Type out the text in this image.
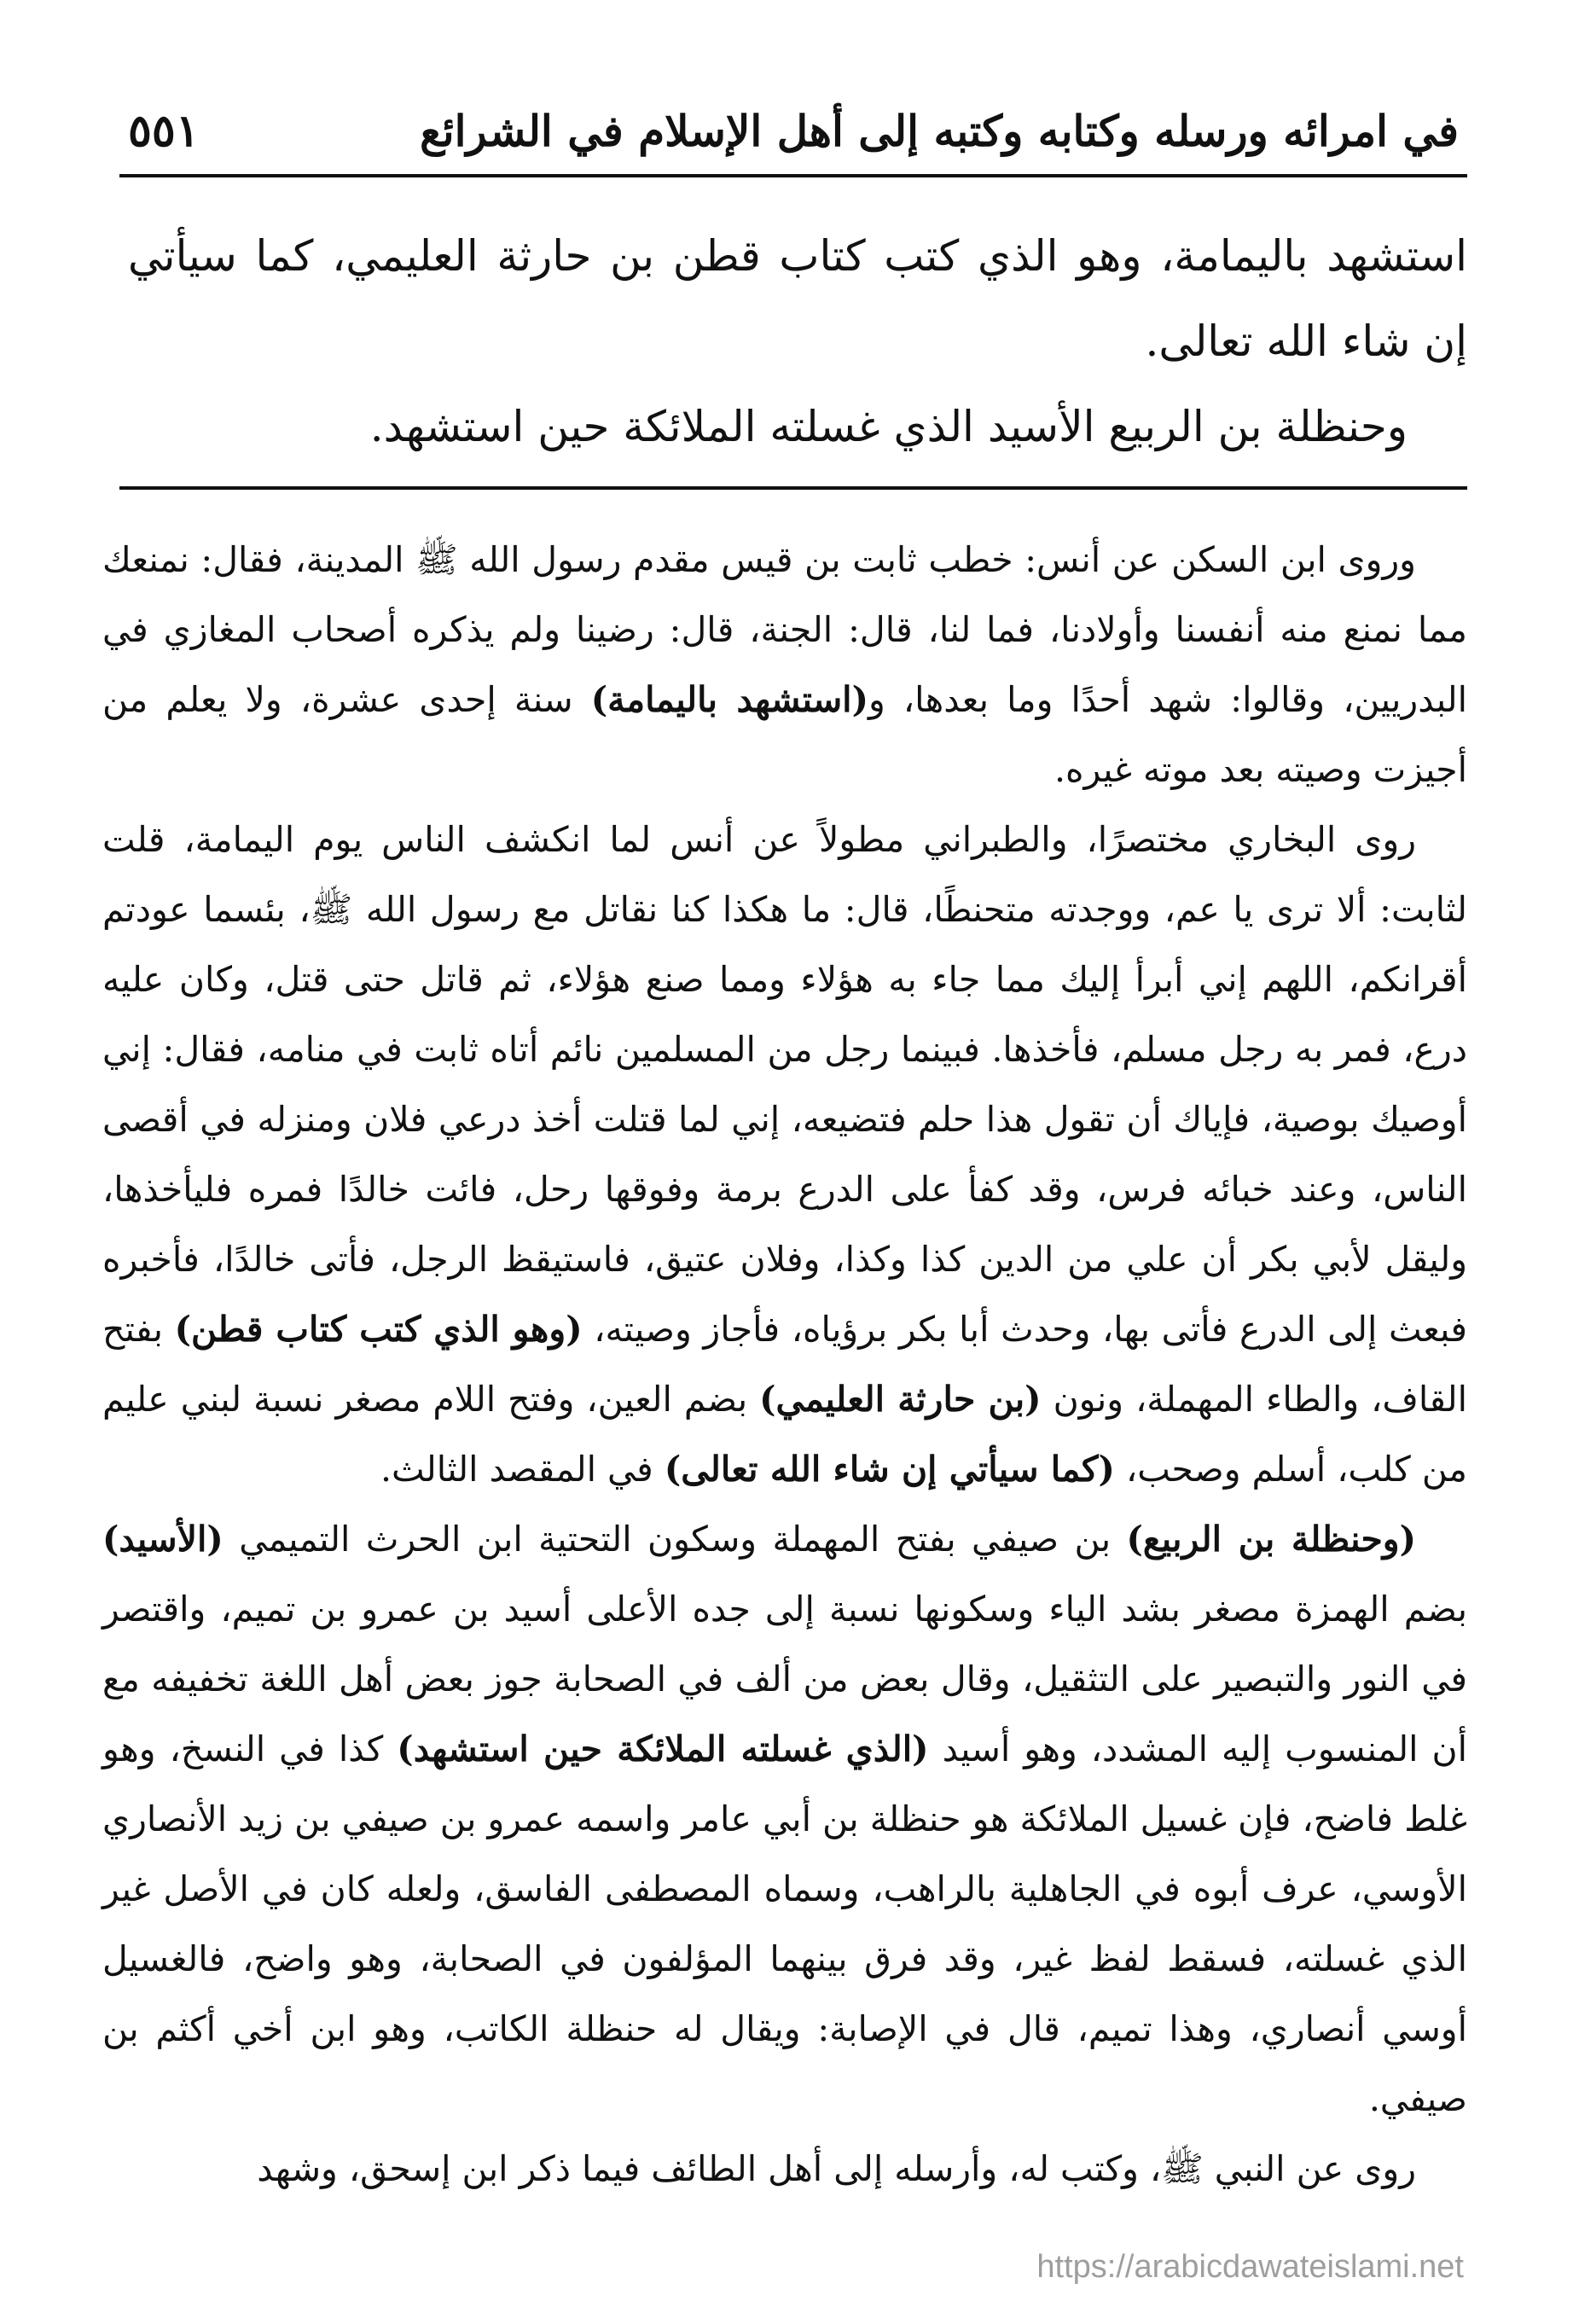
في امرائه ورسله وكتابه وكتبه إلى أهل الإسلام في الشرائع
٥٥١

استشهد باليمامة، وهو الذي كتب كتاب قطن بن حارثة العليمي، كما سيأتي إن شاء الله تعالى.

وحنظلة بن الربيع الأسيد الذي غسلته الملائكة حين استشهد.

وروى ابن السكن عن أنس: خطب ثابت بن قيس مقدم رسول الله ﷺ المدينة، فقال: نمنعك مما نمنع منه أنفسنا وأولادنا، فما لنا، قال: الجنة، قال: رضينا ولم يذكره أصحاب المغازي في البدريين، وقالوا: شهد أحدًا وما بعدها، و(استشهد باليمامة) سنة إحدى عشرة، ولا يعلم من أجيزت وصيته بعد موته غيره.

روى البخاري مختصرًا، والطبراني مطولاً عن أنس لما انكشف الناس يوم اليمامة، قلت لثابت: ألا ترى يا عم، ووجدته متحنطًا، قال: ما هكذا كنا نقاتل مع رسول الله ﷺ، بئسما عودتم أقرانكم، اللهم إني أبرأ إليك مما جاء به هؤلاء ومما صنع هؤلاء، ثم قاتل حتى قتل، وكان عليه درع، فمر به رجل مسلم، فأخذها. فبينما رجل من المسلمين نائم أتاه ثابت في منامه، فقال: إني أوصيك بوصية، فإياك أن تقول هذا حلم فتضيعه، إني لما قتلت أخذ درعي فلان ومنزله في أقصى الناس، وعند خبائه فرس، وقد كفأ على الدرع برمة وفوقها رحل، فائت خالدًا فمره فليأخذها، وليقل لأبي بكر أن علي من الدين كذا وكذا، وفلان عتيق، فاستيقظ الرجل، فأتى خالدًا، فأخبره فبعث إلى الدرع فأتى بها، وحدث أبا بكر برؤياه، فأجاز وصيته، (وهو الذي كتب كتاب قطن) بفتح القاف، والطاء المهملة، ونون (بن حارثة العليمي) بضم العين، وفتح اللام مصغر نسبة لبني عليم من كلب، أسلم وصحب، (كما سيأتي إن شاء الله تعالى) في المقصد الثالث.

(وحنظلة بن الربيع) بن صيفي بفتح المهملة وسكون التحتية ابن الحرث التميمي (الأسيد) بضم الهمزة مصغر بشد الياء وسكونها نسبة إلى جده الأعلى أسيد بن عمرو بن تميم، واقتصر في النور والتبصير على التثقيل، وقال بعض من ألف في الصحابة جوز بعض أهل اللغة تخفيفه مع أن المنسوب إليه المشدد، وهو أسيد (الذي غسلته الملائكة حين استشهد) كذا في النسخ، وهو غلط فاضح، فإن غسيل الملائكة هو حنظلة بن أبي عامر واسمه عمرو بن صيفي بن زيد الأنصاري الأوسي، عرف أبوه في الجاهلية بالراهب، وسماه المصطفى الفاسق، ولعله كان في الأصل غير الذي غسلته، فسقط لفظ غير، وقد فرق بينهما المؤلفون في الصحابة، وهو واضح، فالغسيل أوسي أنصاري، وهذا تميم، قال في الإصابة: ويقال له حنظلة الكاتب، وهو ابن أخي أكثم بن صيفي.

روى عن النبي ﷺ، وكتب له، وأرسله إلى أهل الطائف فيما ذكر ابن إسحق، وشهد

https://arabicdawateislami.net
